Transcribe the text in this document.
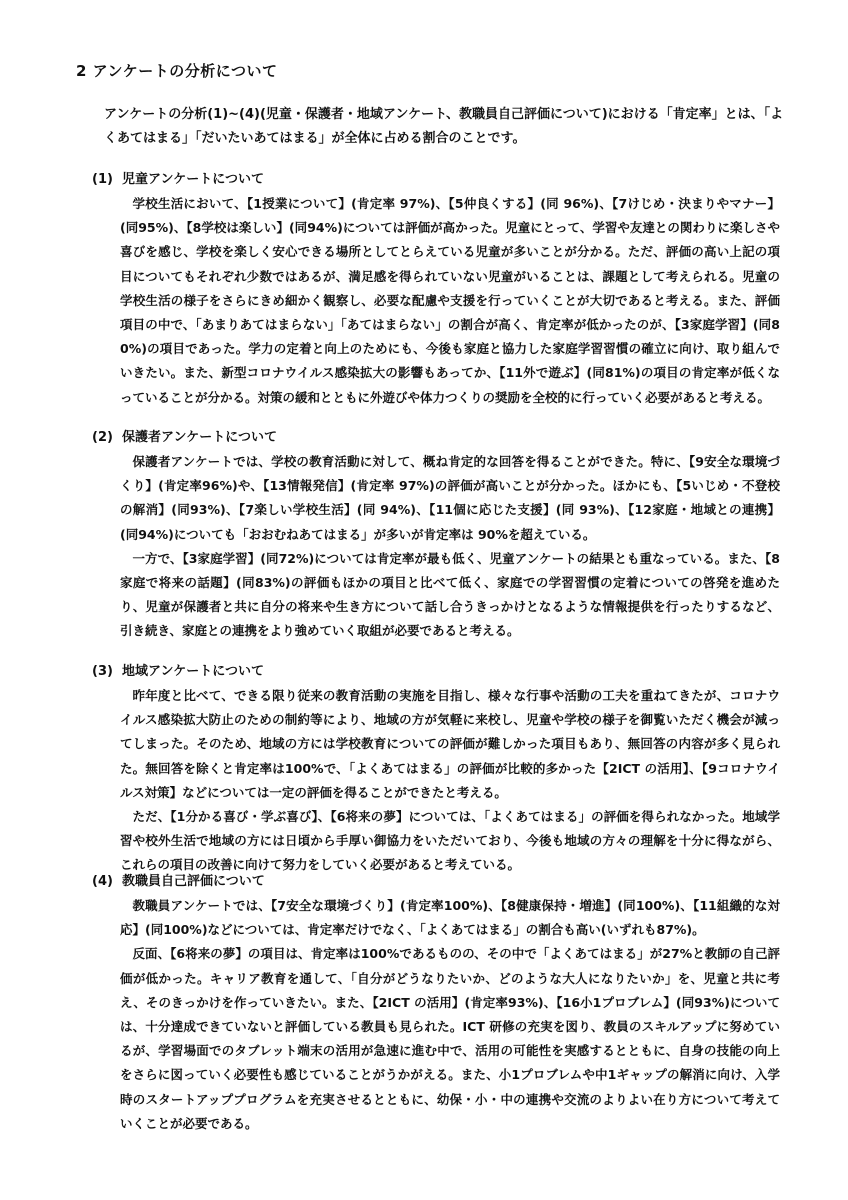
2 アンケートの分析について

アンケートの分析(1)~(4)(児童・保護者・地域アンケート、教職員自己評価について)における「肯定率」とは、「よくあてはまる」「だいたいあてはまる」が全体に占める割合のことです。

(1) 児童アンケートについて

学校生活において、【1授業について】(肯定率 97%)、【5仲良くする】(同 96%)、【7けじめ・決まりやマナー】(同95%)、【8学校は楽しい】(同94%)については評価が高かった。児童にとって、学習や友達との関わりに楽しさや喜びを感じ、学校を楽しく安心できる場所としてとらえている児童が多いことが分かる。ただ、評価の高い上記の項目についてもそれぞれ少数ではあるが、満足感を得られていない児童がいることは、課題として考えられる。児童の学校生活の様子をさらにきめ細かく観察し、必要な配慮や支援を行っていくことが大切であると考える。また、評価項目の中で、「あまりあてはまらない」「あてはまらない」の割合が高く、肯定率が低かったのが、【3家庭学習】(同80%)の項目であった。学力の定着と向上のためにも、今後も家庭と協力した家庭学習習慣の確立に向け、取り組んでいきたい。また、新型コロナウイルス感染拡大の影響もあってか、【11外で遊ぶ】(同81%)の項目の肯定率が低くなっていることが分かる。対策の緩和とともに外遊びや体力つくりの奨励を全校的に行っていく必要があると考える。

(2) 保護者アンケートについて

保護者アンケートでは、学校の教育活動に対して、概ね肯定的な回答を得ることができた。特に、【9安全な環境づくり】(肯定率96%)や、【13情報発信】(肯定率 97%)の評価が高いことが分かった。ほかにも、【5いじめ・不登校の解消】(同93%)、【7楽しい学校生活】(同 94%)、【11個に応じた支援】(同 93%)、【12家庭・地域との連携】(同94%)についても「おおむねあてはまる」が多いが肯定率は 90%を超えている。

一方で、【3家庭学習】(同72%)については肯定率が最も低く、児童アンケートの結果とも重なっている。また、【8家庭で将来の話題】(同83%)の評価もほかの項目と比べて低く、家庭での学習習慣の定着についての啓発を進めたり、児童が保護者と共に自分の将来や生き方について話し合うきっかけとなるような情報提供を行ったりするなど、引き続き、家庭との連携をより強めていく取組が必要であると考える。

(3) 地域アンケートについて

昨年度と比べて、できる限り従来の教育活動の実施を目指し、様々な行事や活動の工夫を重ねてきたが、コロナウイルス感染拡大防止のための制約等により、地域の方が気軽に来校し、児童や学校の様子を御覧いただく機会が減ってしまった。そのため、地域の方には学校教育についての評価が難しかった項目もあり、無回答の内容が多く見られた。無回答を除くと肯定率は100%で、「よくあてはまる」の評価が比較的多かった【2ICT の活用】、【9コロナウイルス対策】などについては一定の評価を得ることができたと考える。

ただ、【1分かる喜び・学ぶ喜び】、【6将来の夢】については、「よくあてはまる」の評価を得られなかった。地域学習や校外生活で地域の方には日頃から手厚い御協力をいただいており、今後も地域の方々の理解を十分に得ながら、これらの項目の改善に向けて努力をしていく必要があると考えている。

(4) 教職員自己評価について

教職員アンケートでは、【7安全な環境づくり】(肯定率100%)、【8健康保持・増進】(同100%)、【11組織的な対応】(同100%)などについては、肯定率だけでなく、「よくあてはまる」の割合も高い(いずれも87%)。

反面、【6将来の夢】の項目は、肯定率は100%であるものの、その中で「よくあてはまる」が27%と教師の自己評価が低かった。キャリア教育を通して、「自分がどうなりたいか、どのような大人になりたいか」を、児童と共に考え、そのきっかけを作っていきたい。また、【2ICT の活用】(肯定率93%)、【16小1プロブレム】(同93%)については、十分達成できていないと評価している教員も見られた。ICT 研修の充実を図り、教員のスキルアップに努めているが、学習場面でのタブレット端末の活用が急速に進む中で、活用の可能性を実感するとともに、自身の技能の向上をさらに図っていく必要性も感じていることがうかがえる。また、小1プロブレムや中1ギャップの解消に向け、入学時のスタートアッププログラムを充実させるとともに、幼保・小・中の連携や交流のよりよい在り方について考えていくことが必要である。
